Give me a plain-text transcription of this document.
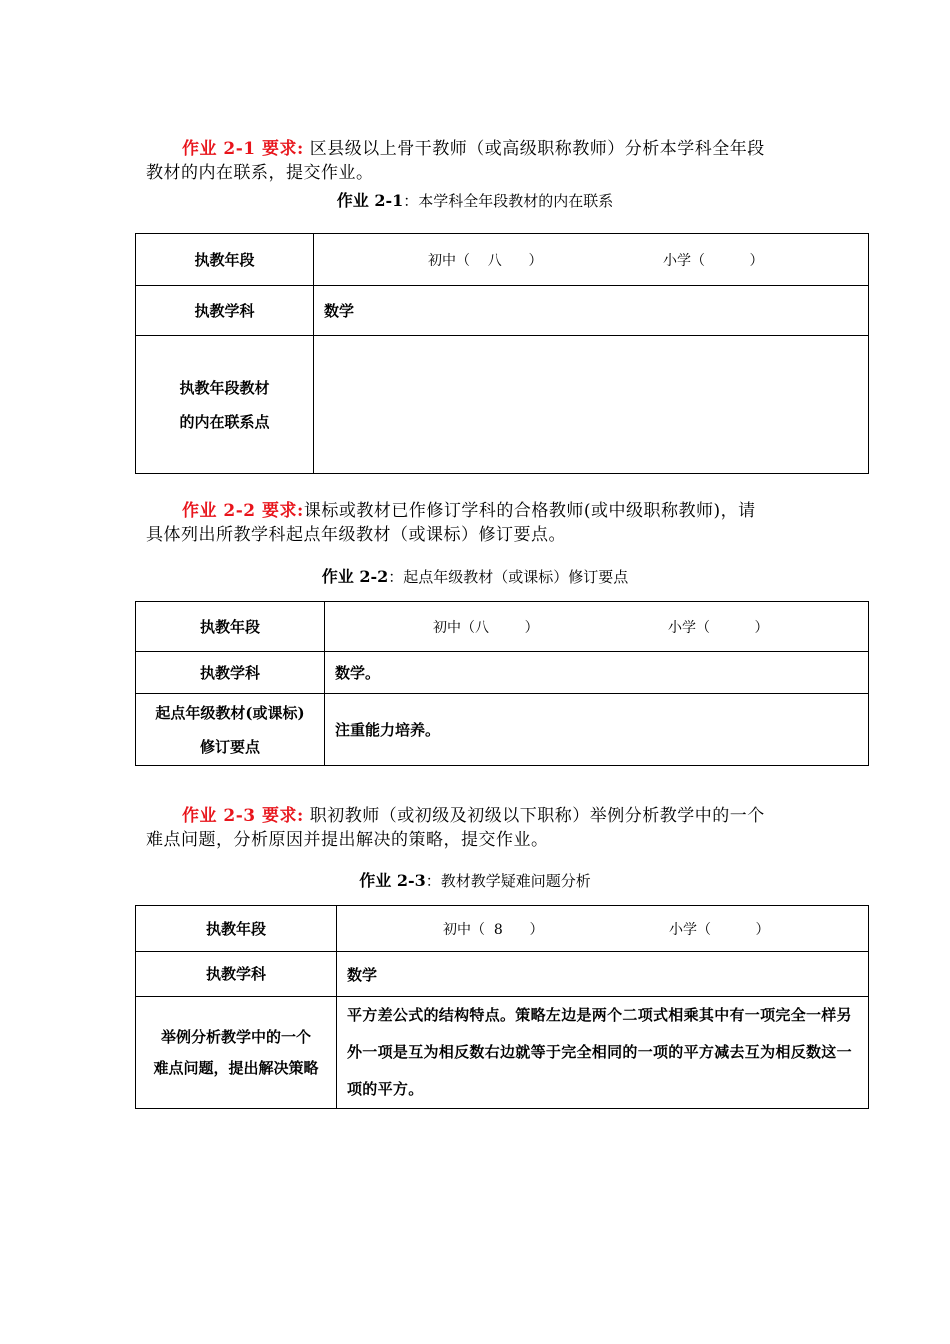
作业 2-1 要求: 区县级以上骨干教师（或高级职称教师）分析本学科全年段
教材的内在联系，提交作业。
作业 2-1：本学科全年段教材的内在联系
执教年段	初中（    八      ） 小学（          ）

执教学科	数学

执教年段教材
的内在联系点	

作业 2-2 要求:课标或教材已作修订学科的合格教师(或中级职称教师)，请
具体列出所教学科起点年级教材（或课标）修订要点。
作业 2-2：起点年级教材（或课标）修订要点
执教年段	初中（八        ） 小学（          ）

执教学科	数学。

起点年级教材(或课标)
修订要点	注重能力培养。
作业 2-3 要求: 职初教师（或初级及初级以下职称）举例分析教学中的一个
难点问题，分析原因并提出解决的策略，提交作业。
作业 2-3：教材教学疑难问题分析
执教年段	初中（  8      ） 小学（          ）

执教学科	数学

举例分析教学中的一个
难点问题，提出解决策略	平方差公式的结构特点。策略左边是两个二项式相乘其中有一项完全一样另外一项是互为相反数右边就等于完全相同的一项的平方减去互为相反数这一项的平方。
